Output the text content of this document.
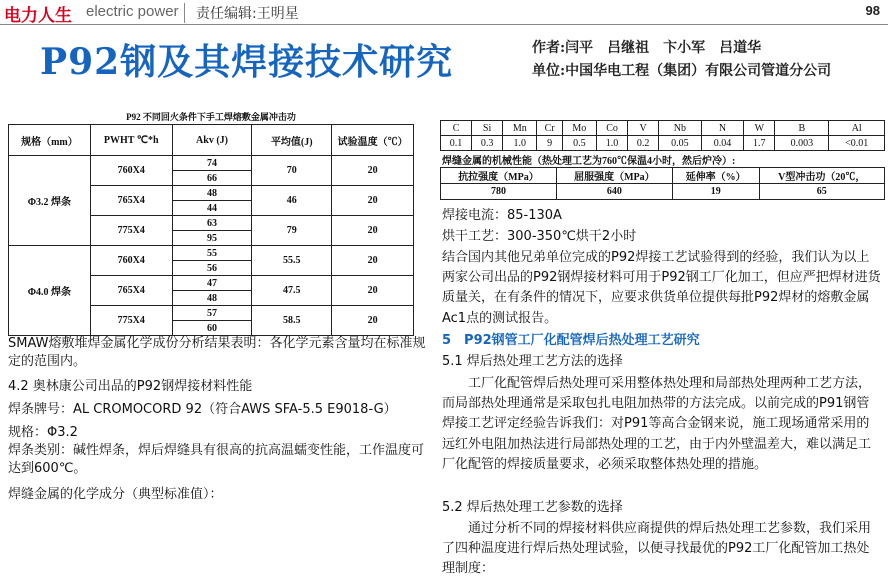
电力人生 electric power	责任编辑:王明星	98
P92钢及其焊接技术研究	作者:闫平　吕继祖　卞小军　吕道华
单位:中国华电工程（集团）有限公司管道分公司
P92 不同回火条件下手工焊熔敷金属冲击功
规格（mm）	PWHT ℃*h	Akv (J)	平均值(J)	试验温度（℃）
Φ3.2 焊条	760X4	74	70	20
		66		
	765X4	48	46	20
		44		
	775X4	63	79	20
		95		
Φ4.0 焊条	760X4	55	55.5	20
		56		
	765X4	47	47.5	20
		48		
	775X4	57	58.5	20
		60		
SMAW熔敷堆焊金属化学成份分析结果表明：各化学元素含量均在标准规定的范围内。
4.2 奥林康公司出品的P92钢焊接材料性能
焊条牌号：AL CROMOCORD 92（符合AWS SFA-5.5 E9018-G）
规格：Φ3.2
焊条类别：碱性焊条，焊后焊缝具有很高的抗高温蠕变性能，工作温度可达到600℃。
焊缝金属的化学成分（典型标准值）：
C	Si	Mn	Cr	Mo	Co	V	Nb	N	W	B	Al
0.1	0.3	1.0	9	0.5	1.0	0.2	0.05	0.04	1.7	0.003	<0.01
焊缝金属的机械性能（热处理工艺为760℃保温4小时，然后炉冷）:
抗拉强度（MPa）	屈服强度（MPa）	延伸率（%）	V型冲击功（20℃，
780	640	19	65
焊接电流：85-130A
烘干工艺：300-350℃烘干2小时
结合国内其他兄弟单位完成的P92焊接工艺试验得到的经验，我们认为以上两家公司出品的P92钢焊接材料可用于P92钢工厂化加工，但应严把焊材进货质量关，在有条件的情况下，应要求供货单位提供每批P92焊材的熔敷金属Ac1点的测试报告。
5　P92钢管工厂化配管焊后热处理工艺研究
5.1 焊后热处理工艺方法的选择
工厂化配管焊后热处理可采用整体热处理和局部热处理两种工艺方法，而局部热处理通常是采取包扎电阻加热带的方法完成。以前完成的P91钢管焊接工艺评定经验告诉我们：对P91等高合金钢来说，施工现场通常采用的远红外电阻加热法进行局部热处理的工艺，由于内外壁温差大，难以满足工厂化配管的焊接质量要求，必须采取整体热处理的措施。
5.2 焊后热处理工艺参数的选择
通过分析不同的焊接材料供应商提供的焊后热处理工艺参数，我们采用了四种温度进行焊后热处理试验，以便寻找最优的P92工厂化配管加工热处理制度：
